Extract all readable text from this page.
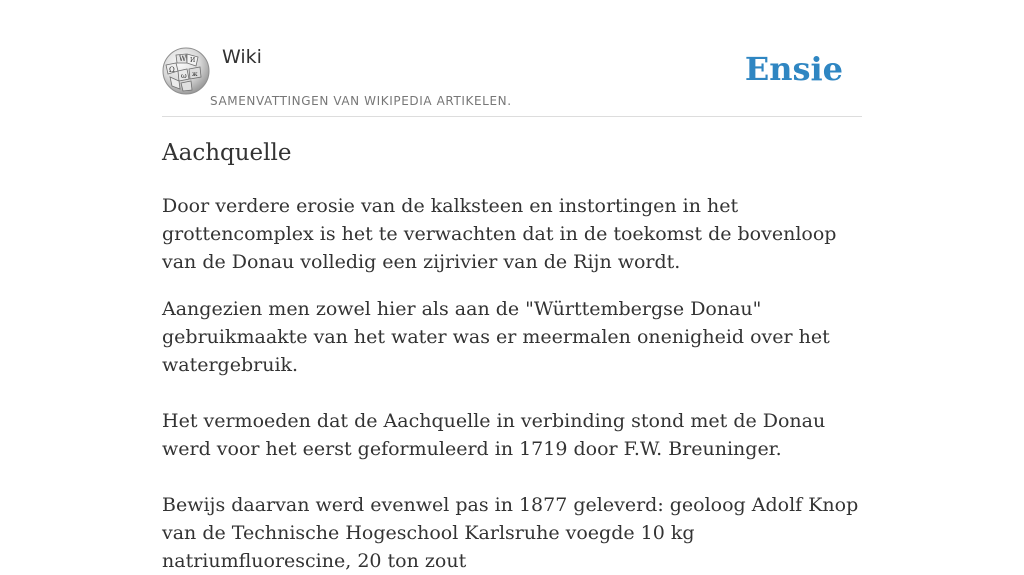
Ω
W И
ω ж
Wiki
SAMENVATTINGEN VAN WIKIPEDIA ARTIKELEN.
Ensie
Aachquelle

Door verdere erosie van de kalksteen en instortingen in het grottencomplex is het te verwachten dat in de toekomst de bovenloop van de Donau volledig een zijrivier van de Rijn wordt.

Aangezien men zowel hier als aan de "Württembergse Donau" gebruikmaakte van het water was er meermalen onenigheid over het watergebruik.

Het vermoeden dat de Aachquelle in verbinding stond met de Donau werd voor het eerst geformuleerd in 1719 door F.W. Breuninger.

Bewijs daarvan werd evenwel pas in 1877 geleverd: geoloog Adolf Knop van de Technische Hogeschool Karlsruhe voegde 10 kg natriumfluorescine, 20 ton zout
